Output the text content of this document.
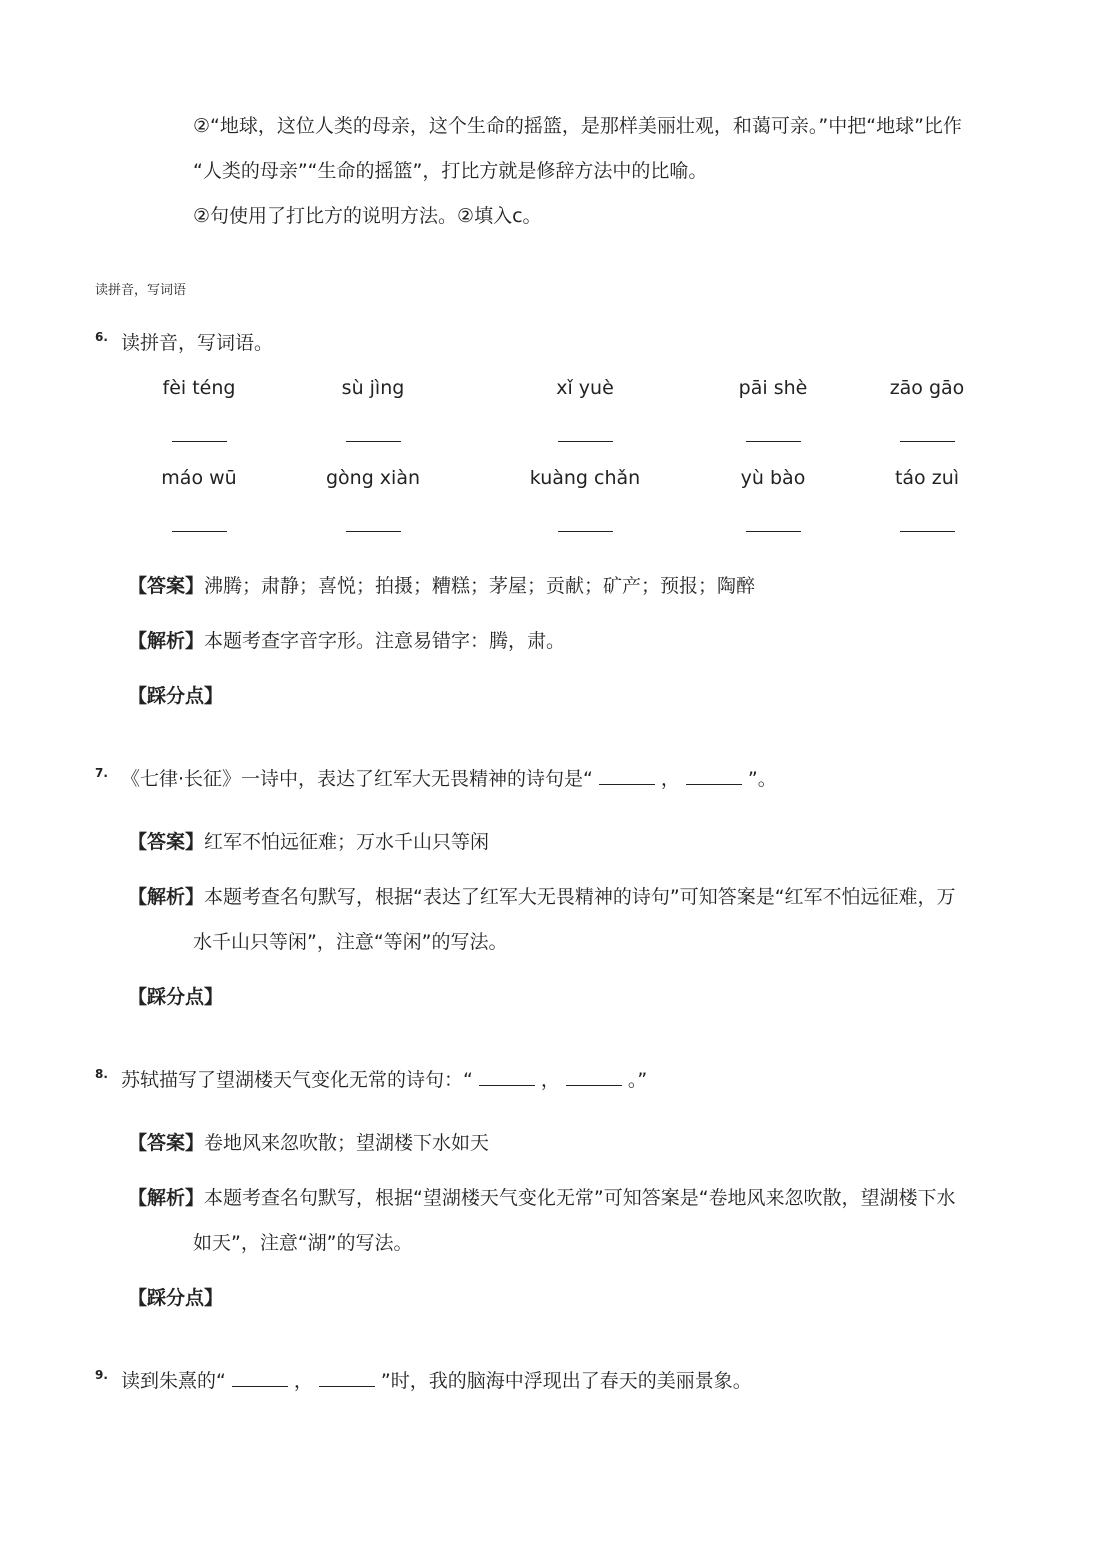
②“地球，这位人类的母亲，这个生命的摇篮，是那样美丽壮观，和蔼可亲。”中把“地球”比作
“人类的母亲”“生命的摇篮”，打比方就是修辞方法中的比喻。
②句使用了打比方的说明方法。②填入c。
读拼音，写词语
6. 读拼音，写词语。
fèi téng	sù jìng	xǐ yuè	pāi shè	zāo gāo
máo wū	gòng xiàn	kuàng chǎn	yù bào	táo zuì
【答案】沸腾；肃静；喜悦；拍摄；糟糕；茅屋；贡献；矿产；预报；陶醉
【解析】本题考查字音字形。注意易错字：腾，肃。
【踩分点】
7. 《七律·长征》一诗中，表达了红军大无畏精神的诗句是“	，	”。
【答案】红军不怕远征难；万水千山只等闲
【解析】本题考查名句默写，根据“表达了红军大无畏精神的诗句”可知答案是“红军不怕远征难，万
水千山只等闲”，注意“等闲”的写法。
【踩分点】
8. 苏轼描写了望湖楼天气变化无常的诗句：“	，	。”
【答案】卷地风来忽吹散；望湖楼下水如天
【解析】本题考查名句默写，根据“望湖楼天气变化无常”可知答案是“卷地风来忽吹散，望湖楼下水
如天”，注意“湖”的写法。
【踩分点】
9. 读到朱熹的“	，	”时，我的脑海中浮现出了春天的美丽景象。
